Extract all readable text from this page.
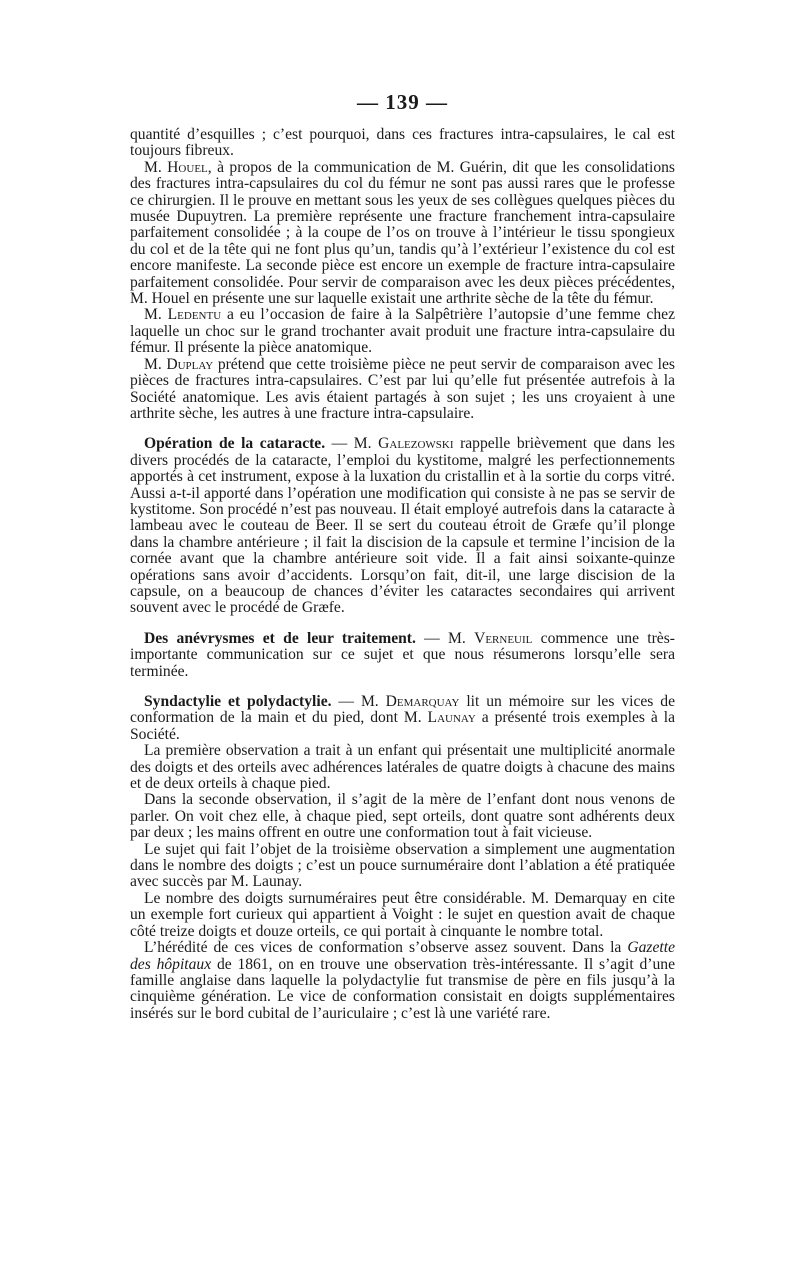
— 139 —

quantité d’esquilles ; c’est pourquoi, dans ces fractures intra-capsulaires, le cal est toujours fibreux.

M. Houel, à propos de la communication de M. Guérin, dit que les consolidations des fractures intra-capsulaires du col du fémur ne sont pas aussi rares que le professe ce chirurgien. Il le prouve en mettant sous les yeux de ses collègues quelques pièces du musée Dupuytren. La première représente une fracture franchement intra-capsulaire parfaitement consolidée ; à la coupe de l’os on trouve à l’intérieur le tissu spongieux du col et de la tête qui ne font plus qu’un, tandis qu’à l’extérieur l’existence du col est encore manifeste. La seconde pièce est encore un exemple de fracture intra-capsulaire parfaitement consolidée. Pour servir de comparaison avec les deux pièces précédentes, M. Houel en présente une sur laquelle existait une arthrite sèche de la tête du fémur.

M. Ledentu a eu l’occasion de faire à la Salpêtrière l’autopsie d’une femme chez laquelle un choc sur le grand trochanter avait produit une fracture intra-capsulaire du fémur. Il présente la pièce anatomique.

M. Duplay prétend que cette troisième pièce ne peut servir de comparaison avec les pièces de fractures intra-capsulaires. C’est par lui qu’elle fut présentée autrefois à la Société anatomique. Les avis étaient partagés à son sujet ; les uns croyaient à une arthrite sèche, les autres à une fracture intra-capsulaire.

Opération de la cataracte. — M. Galezowski rappelle brièvement que dans les divers procédés de la cataracte, l’emploi du kystitome, malgré les perfectionnements apportés à cet instrument, expose à la luxation du cristallin et à la sortie du corps vitré. Aussi a-t-il apporté dans l’opération une modification qui consiste à ne pas se servir de kystitome. Son procédé n’est pas nouveau. Il était employé autrefois dans la cataracte à lambeau avec le couteau de Beer. Il se sert du couteau étroit de Græfe qu’il plonge dans la chambre antérieure ; il fait la discision de la capsule et termine l’incision de la cornée avant que la chambre antérieure soit vide. Il a fait ainsi soixante-quinze opérations sans avoir d’accidents. Lorsqu’on fait, dit-il, une large discision de la capsule, on a beaucoup de chances d’éviter les cataractes secondaires qui arrivent souvent avec le procédé de Græfe.

Des anévrysmes et de leur traitement. — M. Verneuil commence une très-importante communication sur ce sujet et que nous résumerons lorsqu’elle sera terminée.

Syndactylie et polydactylie. — M. Demarquay lit un mémoire sur les vices de conformation de la main et du pied, dont M. Launay a présenté trois exemples à la Société.

La première observation a trait à un enfant qui présentait une multiplicité anormale des doigts et des orteils avec adhérences latérales de quatre doigts à chacune des mains et de deux orteils à chaque pied.

Dans la seconde observation, il s’agit de la mère de l’enfant dont nous venons de parler. On voit chez elle, à chaque pied, sept orteils, dont quatre sont adhérents deux par deux ; les mains offrent en outre une conformation tout à fait vicieuse.

Le sujet qui fait l’objet de la troisième observation a simplement une augmentation dans le nombre des doigts ; c’est un pouce surnuméraire dont l’ablation a été pratiquée avec succès par M. Launay.

Le nombre des doigts surnuméraires peut être considérable. M. Demarquay en cite un exemple fort curieux qui appartient à Voight : le sujet en question avait de chaque côté treize doigts et douze orteils, ce qui portait à cinquante le nombre total.

L’hérédité de ces vices de conformation s’observe assez souvent. Dans la Gazette des hôpitaux de 1861, on en trouve une observation très-intéressante. Il s’agit d’une famille anglaise dans laquelle la polydactylie fut transmise de père en fils jusqu’à la cinquième génération. Le vice de conformation consistait en doigts supplémentaires insérés sur le bord cubital de l’auriculaire ; c’est là une variété rare.
